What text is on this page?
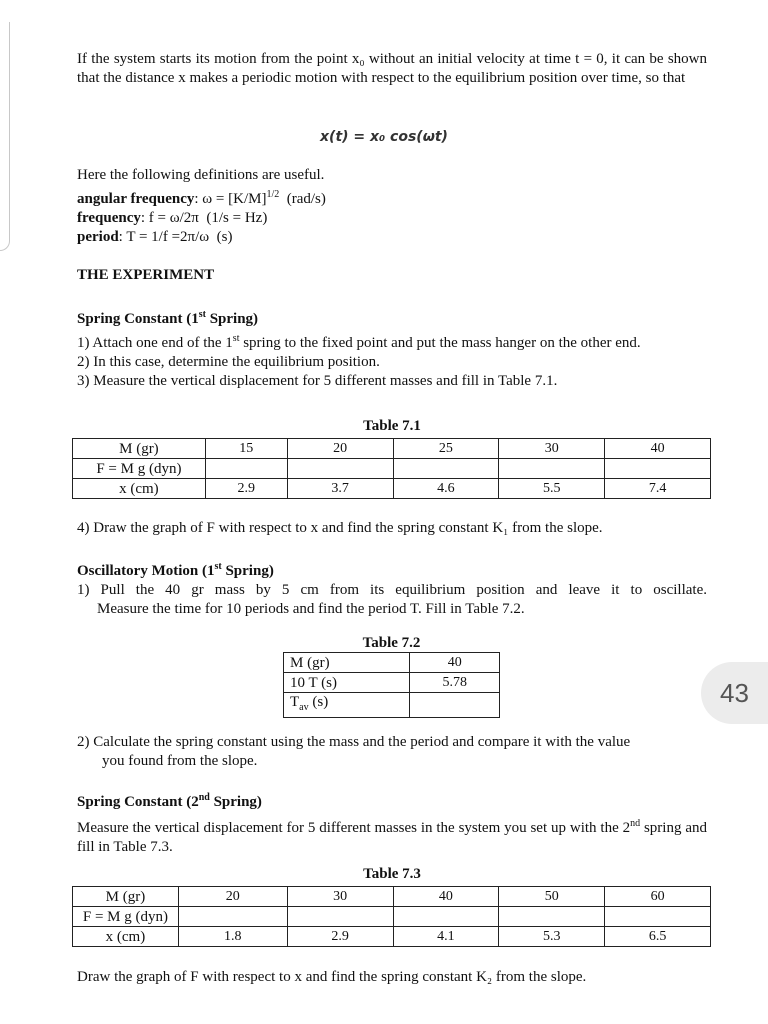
If the system starts its motion from the point x₀ without an initial velocity at time t = 0, it can be shown that the distance x makes a periodic motion with respect to the equilibrium position over time, so that

x(t) = x₀ cos(ωt)

Here the following definitions are useful.

angular frequency: $\omega = [K/M]^{1/2}$  (rad/s)

frequency: f = ω/2π  (1/s = Hz)

period: T = 1/f =2π/ω  (s)

THE EXPERIMENT

Spring Constant (1st Spring)

1) Attach one end of the 1st spring to the fixed point and put the mass hanger on the other end.

2) In this case, determine the equilibrium position.

3) Measure the vertical displacement for 5 different masses and fill in Table 7.1.

Table 7.1

M (gr)	15	20	25	30	40
F = M g (dyn)					
x (cm)	2.9	3.7	4.6	5.5	7.4

4) Draw the graph of F with respect to x and find the spring constant K₁ from the slope.

Oscillatory Motion (1st Spring)

1) Pull the 40 gr mass by 5 cm from its equilibrium position and leave it to oscillate.

Measure the time for 10 periods and find the period T. Fill in Table 7.2.

Table 7.2

M (gr)	40
10 T (s)	5.78
$T_{av}$ (s)		43

2) Calculate the spring constant using the mass and the period and compare it with the value

you found from the slope.

Spring Constant (2nd Spring)

Measure the vertical displacement for 5 different masses in the system you set up with the 2nd spring and fill in Table 7.3.

Table 7.3

M (gr)	20	30	40	50	60
F = M g (dyn)					
x (cm)	1.8	2.9	4.1	5.3	6.5

Draw the graph of F with respect to x and find the spring constant K₂ from the slope.
